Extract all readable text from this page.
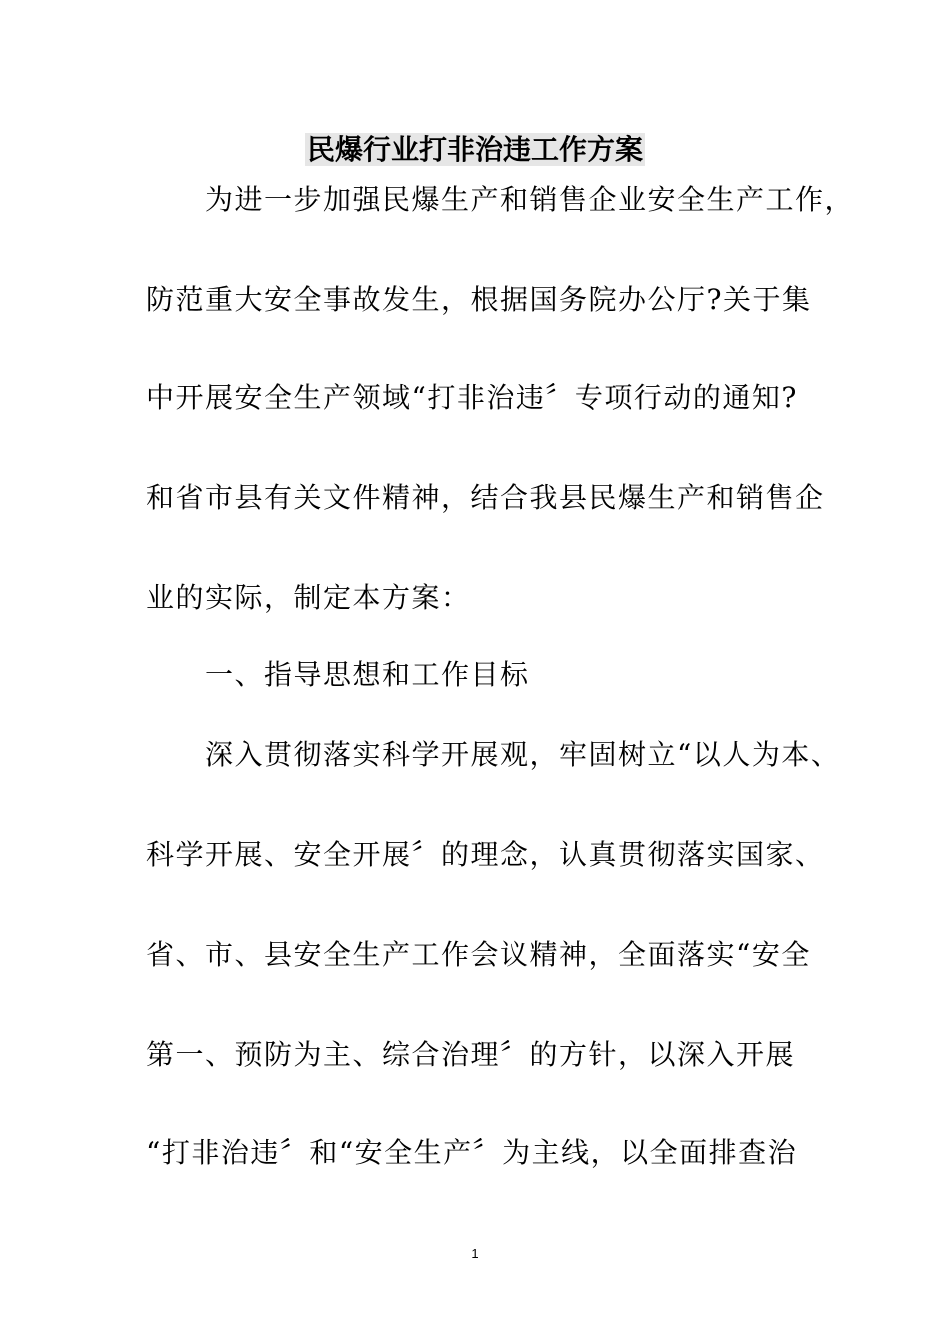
民爆行业打非治违工作方案
　　为进一步加强民爆生产和销售企业安全生产工作，
防范重大安全事故发生，根据国务院办公厅?关于集
中开展安全生产领域“打非治违〞专项行动的通知?
和省市县有关文件精神，结合我县民爆生产和销售企
业的实际，制定本方案：
　　一、指导思想和工作目标
　　深入贯彻落实科学开展观，牢固树立“以人为本、
科学开展、安全开展〞的理念，认真贯彻落实国家、
省、市、县安全生产工作会议精神，全面落实“安全
第一、预防为主、综合治理〞的方针，以深入开展
“打非治违〞和“安全生产〞为主线，以全面排查治
1
